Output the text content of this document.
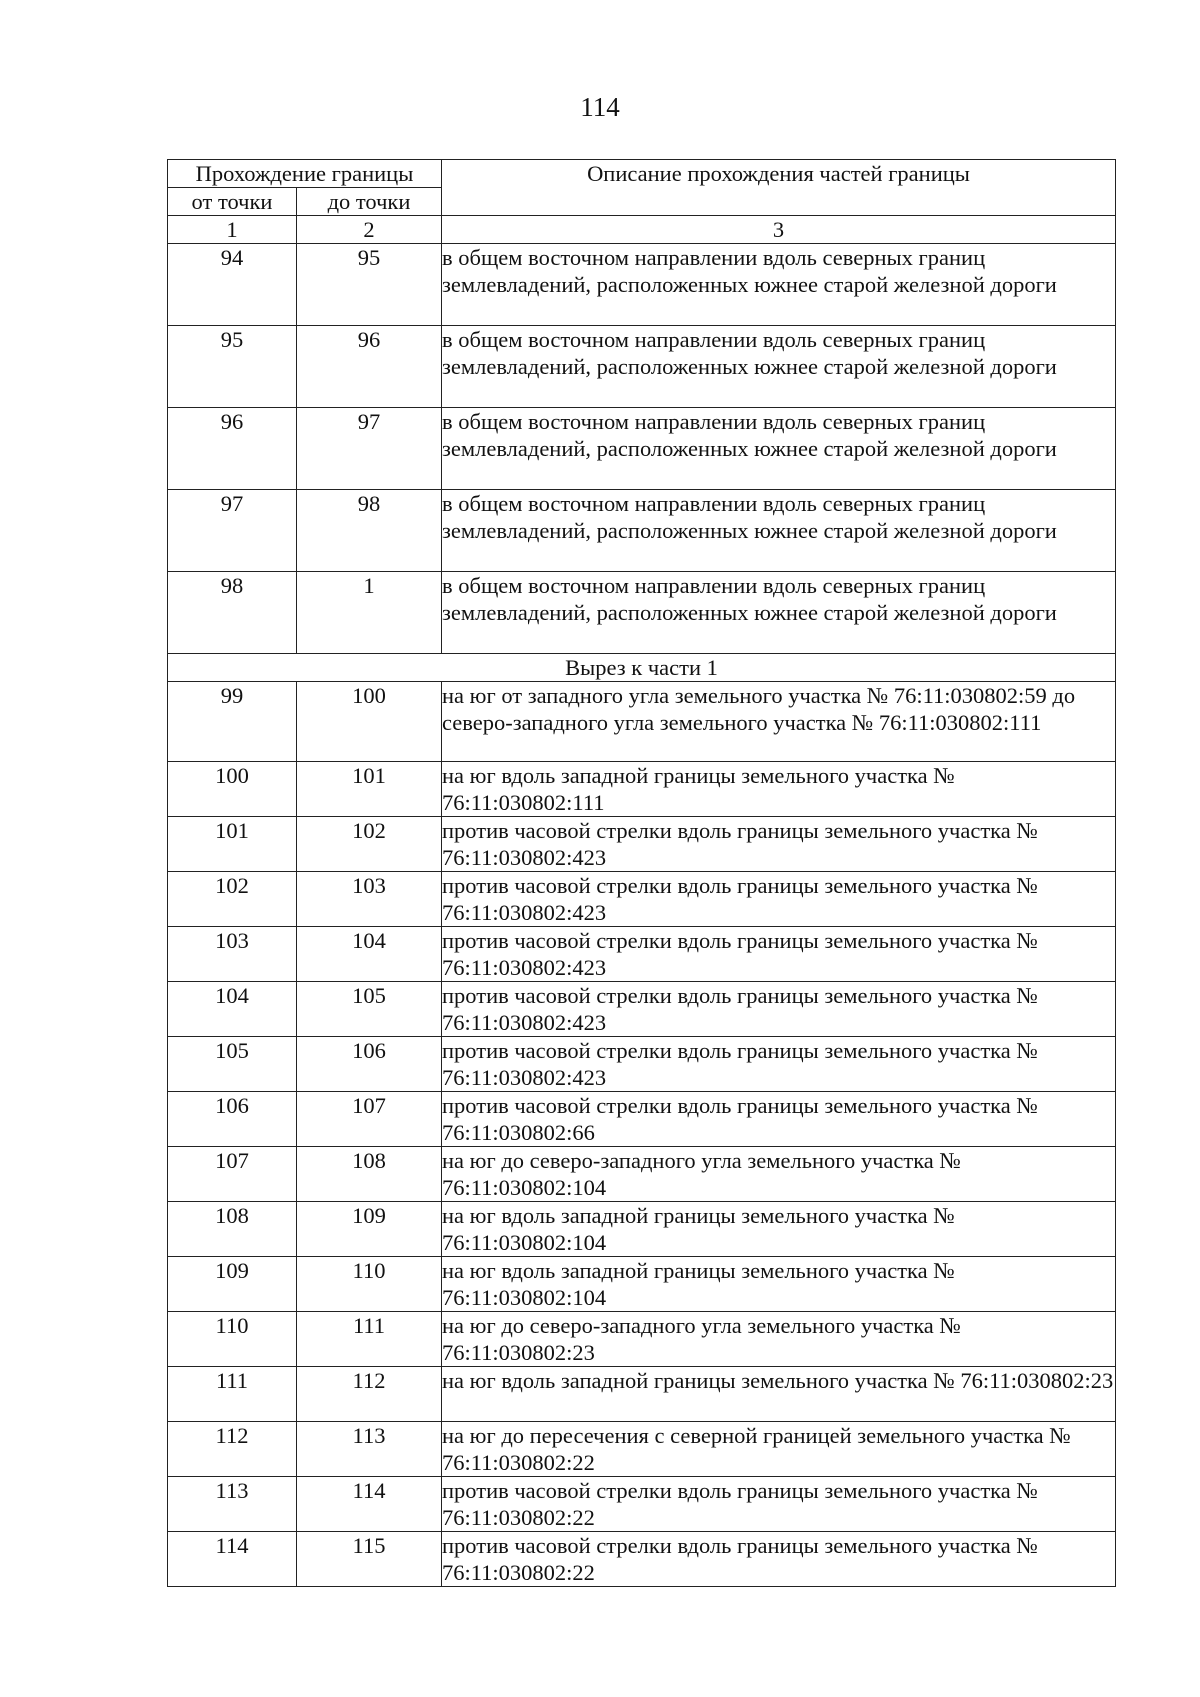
114
Прохождение границы		Описание прохождения частей границы
от точки	до точки	
1	2	3
94	95	в общем восточном направлении вдоль северных границ землевладений, расположенных южнее старой железной дороги
95	96	в общем восточном направлении вдоль северных границ землевладений, расположенных южнее старой железной дороги
96	97	в общем восточном направлении вдоль северных границ землевладений, расположенных южнее старой железной дороги
97	98	в общем восточном направлении вдоль северных границ землевладений, расположенных южнее старой железной дороги
98	1	в общем восточном направлении вдоль северных границ землевладений, расположенных южнее старой железной дороги
Вырез к части 1		
99	100	на юг от западного угла земельного участка № 76:11:030802:59 до северо-западного угла земельного участка № 76:11:030802:111
100	101	на юг вдоль западной границы земельного участка № 76:11:030802:111
101	102	против часовой стрелки вдоль границы земельного участка № 76:11:030802:423
102	103	против часовой стрелки вдоль границы земельного участка № 76:11:030802:423
103	104	против часовой стрелки вдоль границы земельного участка № 76:11:030802:423
104	105	против часовой стрелки вдоль границы земельного участка № 76:11:030802:423
105	106	против часовой стрелки вдоль границы земельного участка № 76:11:030802:423
106	107	против часовой стрелки вдоль границы земельного участка № 76:11:030802:66
107	108	на юг до северо-западного угла земельного участка № 76:11:030802:104
108	109	на юг вдоль западной границы земельного участка № 76:11:030802:104
109	110	на юг вдоль западной границы земельного участка № 76:11:030802:104
110	111	на юг до северо-западного угла земельного участка № 76:11:030802:23
111	112	на юг вдоль западной границы земельного участка № 76:11:030802:23
112	113	на юг до пересечения с северной границей земельного участка № 76:11:030802:22
113	114	против часовой стрелки вдоль границы земельного участка № 76:11:030802:22
114	115	против часовой стрелки вдоль границы земельного участка № 76:11:030802:22
